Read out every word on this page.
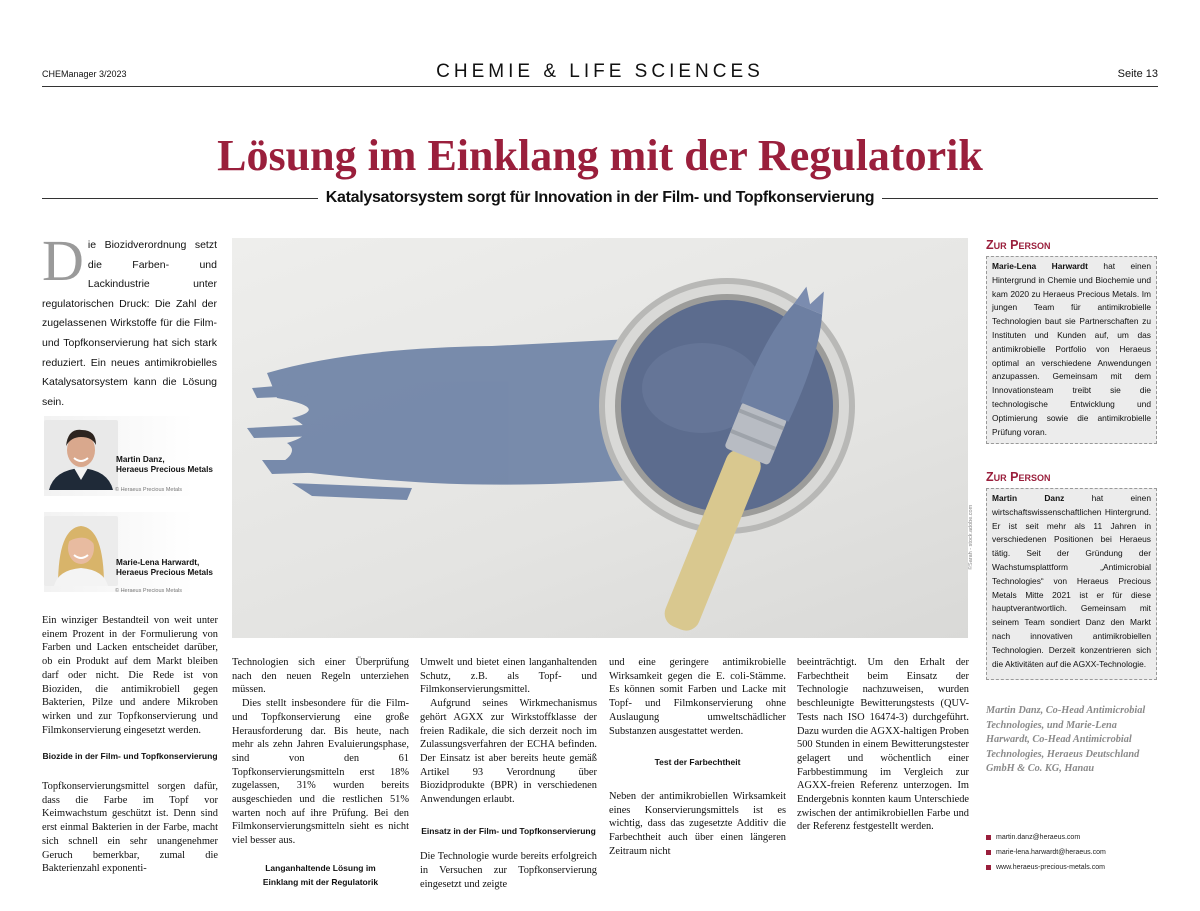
CHEManager 3/2023	CHEMIE & LIFE SCIENCES	Seite 13
Lösung im Einklang mit der Regulatorik
Katalysatorsystem sorgt für Innovation in der Film- und Topfkonservierung
Die Biozidverordnung setzt die Farben- und Lackindustrie unter regulatorischen Druck: Die Zahl der zugelassenen Wirkstoffe für die Film- und Topfkonservierung hat sich stark reduziert. Ein neues antimikrobielles Katalysatorsystem kann die Lösung sein.
Martin Danz,
Heraeus Precious Metals
© Heraeus Precious Metals
Marie-Lena Harwardt,
Heraeus Precious Metals
© Heraeus Precious Metals
©Sarah - stock.adobe.com

Ein winziger Bestandteil von weit unter einem Prozent in der Formulierung von Farben und Lacken entscheidet darüber, ob ein Produkt auf dem Markt bleiben darf oder nicht. Die Rede ist von Bioziden, die antimikrobiell gegen Bakterien, Pilze und andere Mikroben wirken und zur Topfkonservierung und Filmkonservierung eingesetzt werden.

Biozide in der Film- und Topfkonservierung

Topfkonservierungsmittel sorgen dafür, dass die Farbe im Topf vor Keimwachstum geschützt ist. Denn sind erst einmal Bakterien in der Farbe, macht sich schnell ein sehr unangenehmer Geruch bemerkbar, zumal die Bakterienzahl exponenti-

Technologien sich einer Überprüfung nach den neuen Regeln unterziehen müssen.

Dies stellt insbesondere für die Film- und Topfkonservierung eine große Herausforderung dar. Bis heute, nach mehr als zehn Jahren Evaluierungsphase, sind von den 61 Topfkonservierungsmitteln erst 18% zugelassen, 31% wurden bereits ausgeschieden und die restlichen 51% warten noch auf ihre Prüfung. Bei den Filmkonservierungsmitteln sieht es nicht viel besser aus.

Langanhaltende Lösung im Einklang mit der Regulatorik

Umwelt und bietet einen langanhaltenden Schutz, z.B. als Topf- und Filmkonservierungsmittel.

Aufgrund seines Wirkmechanismus gehört AGXX zur Wirkstoffklasse der freien Radikale, die sich derzeit noch im Zulassungsverfahren der ECHA befinden. Der Einsatz ist aber bereits heute gemäß Artikel 93 Verordnung über Biozidprodukte (BPR) in verschiedenen Anwendungen erlaubt.

Einsatz in der Film- und Topfkonservierung

Die Technologie wurde bereits erfolgreich in Versuchen zur Topfkonservierung eingesetzt und zeigte

und eine geringere antimikrobielle Wirksamkeit gegen die E. coli-Stämme. Es können somit Farben und Lacke mit Topf- und Filmkonservierung ohne Auslaugung umweltschädlicher Substanzen ausgestattet werden.

Test der Farbechtheit

Neben der antimikrobiellen Wirksamkeit eines Konservierungsmittels ist es wichtig, dass das zugesetzte Additiv die Farbechtheit auch über einen längeren Zeitraum nicht

beeinträchtigt. Um den Erhalt der Farbechtheit beim Einsatz der Technologie nachzuweisen, wurden beschleunigte Bewitterungstests (QUV-Tests nach ISO 16474-3) durchgeführt. Dazu wurden die AGXX-haltigen Proben 500 Stunden in einem Bewitterungstester gelagert und wöchentlich einer Farbbestimmung im Vergleich zur AGXX-freien Referenz unterzogen. Im Endergebnis konnten kaum Unterschiede zwischen der antimikrobiellen Farbe und der Referenz festgestellt werden.

Zur Person
Marie-Lena Harwardt hat einen Hintergrund in Chemie und Biochemie und kam 2020 zu Heraeus Precious Metals. Im jungen Team für antimikrobielle Technologien baut sie Partnerschaften zu Instituten und Kunden auf, um das antimikrobielle Portfolio von Heraeus optimal an verschiedene Anwendungen anzupassen. Gemeinsam mit dem Innovationsteam treibt sie die technologische Entwicklung und Optimierung sowie die antimikrobielle Prüfung voran.
Zur Person
Martin Danz hat einen wirtschaftswissenschaftlichen Hintergrund. Er ist seit mehr als 11 Jahren in verschiedenen Positionen bei Heraeus tätig. Seit der Gründung der Wachstumsplattform „Antimicrobial Technologies“ von Heraeus Precious Metals Mitte 2021 ist er für diese hauptverantwortlich. Gemeinsam mit seinem Team sondiert Danz den Markt nach innovativen antimikrobiellen Technologien. Derzeit konzentrieren sich die Aktivitäten auf die AGXX-Technologie.
Martin Danz, Co-Head Antimicrobial Technologies, und Marie-Lena Harwardt, Co-Head Antimicrobial Technologies, Heraeus Deutschland GmbH & Co. KG, Hanau
martin.danz@heraeus.com
marie-lena.harwardt@heraeus.com
www.heraeus-precious-metals.com
